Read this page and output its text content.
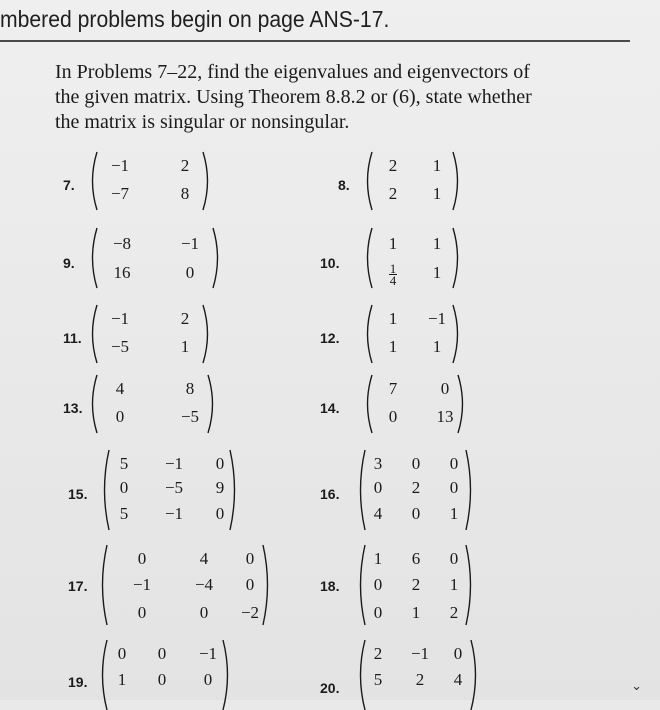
mbered problems begin on page ANS-17.
In Problems 7–22, find the eigenvalues and eigenvectors of
the given matrix. Using Theorem 8.8.2 or (6), state whether
the matrix is singular or nonsingular.
7.
−1	2
−7	8	8.
2	1
2	1
9.
−8	−1
16	0	10.
1	1
$\frac{1}{4}$	1
11.
−1	2
−5	1	12.
1	−1
1	1
13.
4	8
0	−5	14.
7	0
0	13
15.
5	−1	0
0	−5	9
5	−1	0
16.
3	0	0
0	2	0
4	0	1
17.
0	4	0
−1	−4	0
0	0	−2
18.
1	6	0
0	2	1
0	1	2
19.
0	0	−1
1	0	0	20.
2	−1	0
5	2	4	⌄
